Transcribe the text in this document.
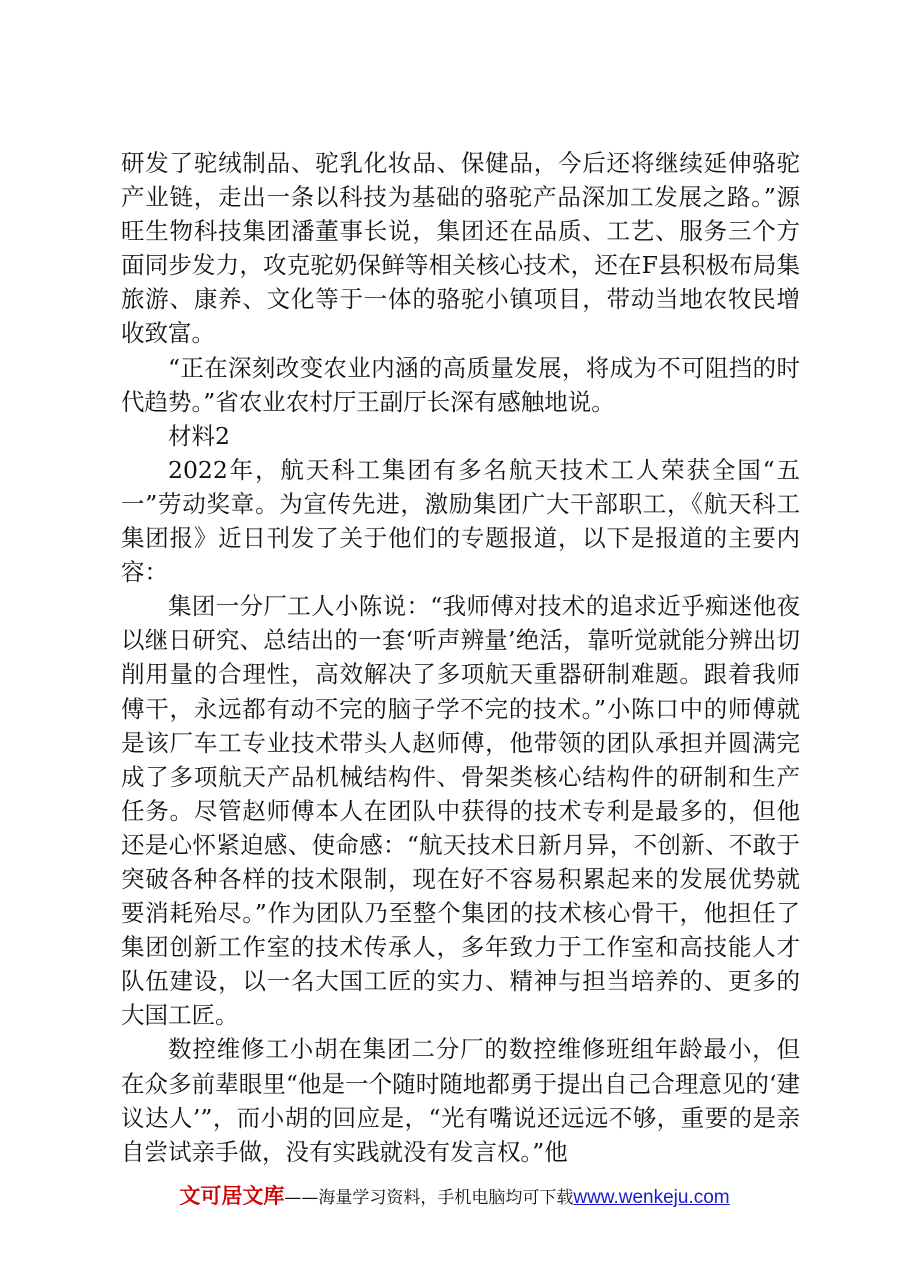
研发了驼绒制品、驼乳化妆品、保健品，今后还将继续延伸骆驼产业链，走出一条以科技为基础的骆驼产品深加工发展之路。”源旺生物科技集团潘董事长说，集团还在品质、工艺、服务三个方面同步发力，攻克驼奶保鲜等相关核心技术，还在F县积极布局集旅游、康养、文化等于一体的骆驼小镇项目，带动当地农牧民增收致富。

“正在深刻改变农业内涵的高质量发展，将成为不可阻挡的时代趋势。”省农业农村厅王副厅长深有感触地说。

材料2

2022年，航天科工集团有多名航天技术工人荣获全国“五一”劳动奖章。为宣传先进，激励集团广大干部职工，《航天科工集团报》近日刊发了关于他们的专题报道，以下是报道的主要内容：

集团一分厂工人小陈说：“我师傅对技术的追求近乎痴迷他夜以继日研究、总结出的一套‘听声辨量’绝活，靠听觉就能分辨出切削用量的合理性，高效解决了多项航天重器研制难题。跟着我师傅干，永远都有动不完的脑子学不完的技术。”小陈口中的师傅就是该厂车工专业技术带头人赵师傅，他带领的团队承担并圆满完成了多项航天产品机械结构件、骨架类核心结构件的研制和生产任务。尽管赵师傅本人在团队中获得的技术专利是最多的，但他还是心怀紧迫感、使命感：“航天技术日新月异，不创新、不敢于突破各种各样的技术限制，现在好不容易积累起来的发展优势就要消耗殆尽。”作为团队乃至整个集团的技术核心骨干，他担任了集团创新工作室的技术传承人，多年致力于工作室和高技能人才队伍建设，以一名大国工匠的实力、精神与担当培养的、更多的大国工匠。

数控维修工小胡在集团二分厂的数控维修班组年龄最小，但在众多前辈眼里“他是一个随时随地都勇于提出自己合理意见的‘建议达人’”，而小胡的回应是，“光有嘴说还远远不够，重要的是亲自尝试亲手做，没有实践就没有发言权。”他

文可居文库——海量学习资料，手机电脑均可下载www.wenkeju.com
